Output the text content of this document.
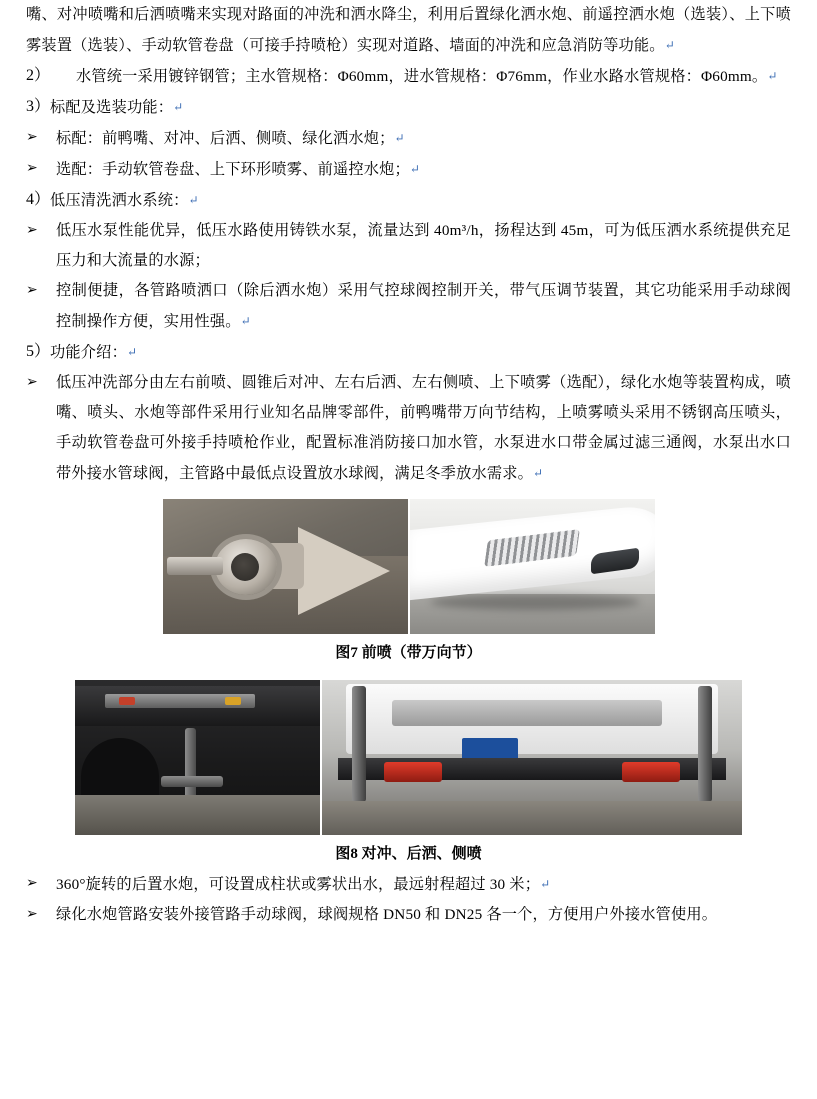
嘴、对冲喷嘴和后洒喷嘴来实现对路面的冲洗和洒水降尘，利用后置绿化洒水炮、前遥控洒水炮（选装）、上下喷雾装置（选装）、手动软管卷盘（可接手持喷枪）实现对道路、墙面的冲洗和应急消防等功能。↵

2）	水管统一采用镀锌钢管；主水管规格：Φ60mm，进水管规格：Φ76mm，作业水路水管规格：Φ60mm。↵

3） 标配及选装功能：↵

➢	标配：前鸭嘴、对冲、后洒、侧喷、绿化洒水炮；↵

➢	选配：手动软管卷盘、上下环形喷雾、前遥控水炮；↵

4） 低压清洗洒水系统：↵

➢	低压水泵性能优异，低压水路使用铸铁水泵，流量达到 40m³/h，扬程达到 45m，可为低压洒水系统提供充足压力和大流量的水源；

➢	控制便捷，各管路喷洒口（除后洒水炮）采用气控球阀控制开关，带气压调节装置，其它功能采用手动球阀控制操作方便，实用性强。↵

5） 功能介绍：↵

➢	低压冲洗部分由左右前喷、圆锥后对冲、左右后洒、左右侧喷、上下喷雾（选配），绿化水炮等装置构成，喷嘴、喷头、水炮等部件采用行业知名品牌零部件，前鸭嘴带万向节结构，上喷雾喷头采用不锈钢高压喷头，手动软管卷盘可外接手持喷枪作业，配置标准消防接口加水管，水泵进水口带金属过滤三通阀，水泵出水口带外接水管球阀，主管路中最低点设置放水球阀，满足冬季放水需求。↵

图7 前喷（带万向节）
图8 对冲、后洒、侧喷
➢	360°旋转的后置水炮，可设置成柱状或雾状出水，最远射程超过 30 米；↵

➢	绿化水炮管路安装外接管路手动球阀，球阀规格 DN50 和 DN25 各一个，方便用户外接水管使用。
